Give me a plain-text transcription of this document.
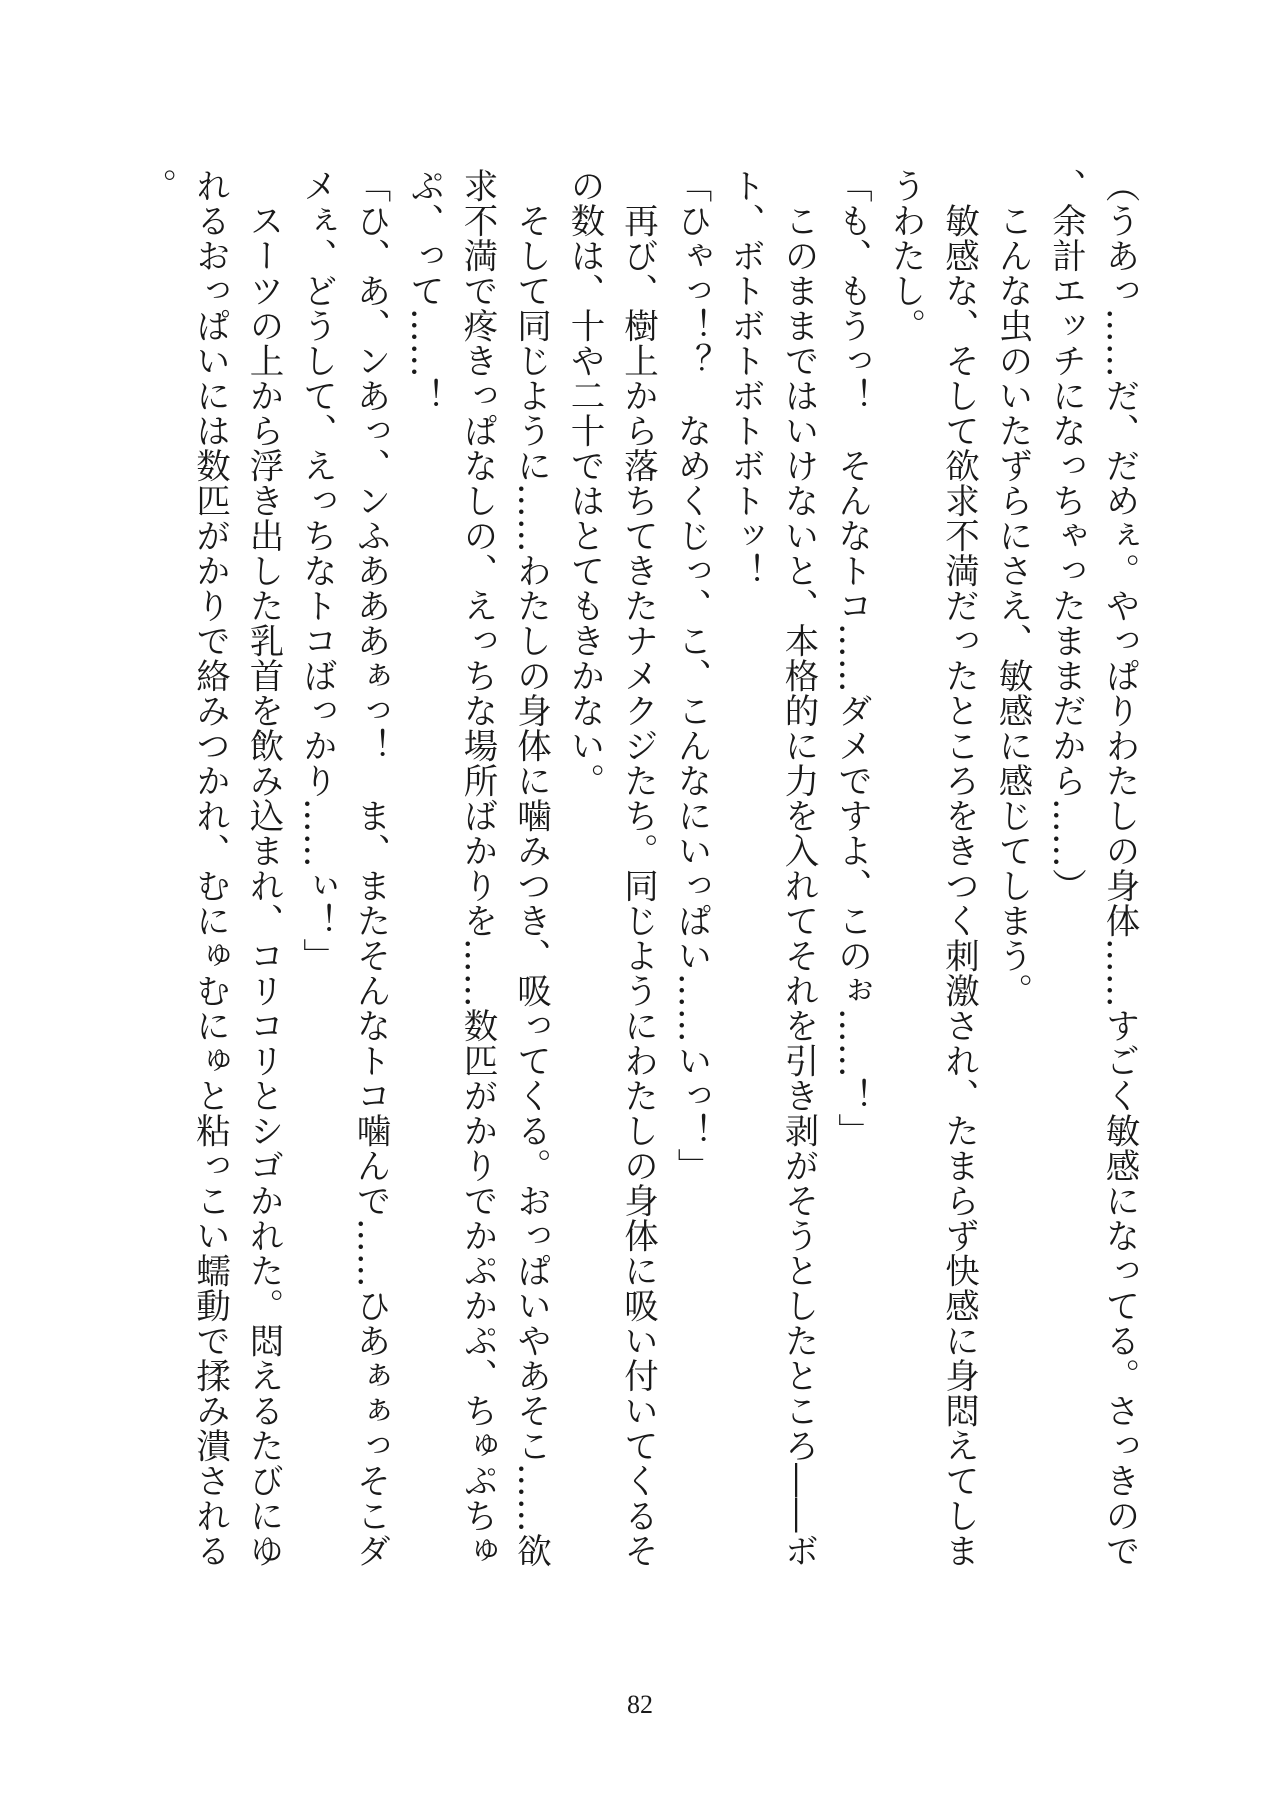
（うあっ……だ、だめぇ。やっぱりわたしの身体……すごく敏感になってる。さっきので、余計エッチになっちゃったままだから……）

　こんな虫のいたずらにさえ、敏感に感じてしまう。

　敏感な、そして欲求不満だったところをきつく刺激され、たまらず快感に身悶えてしまうわたし。

「も、もうっ！　そんなトコ……ダメですよ、このぉ……！」

　このままではいけないと、本格的に力を入れてそれを引き剥がそうとしたところ――ボト、ボトボトボトボトッ！

「ひゃっ！？　なめくじっ、こ、こんなにいっぱい……いっ！」

　再び、樹上から落ちてきたナメクジたち。同じようにわたしの身体に吸い付いてくるその数は、十や二十ではとてもきかない。

　そして同じように……わたしの身体に噛みつき、吸ってくる。おっぱいやあそこ……欲求不満で疼きっぱなしの、えっちな場所ばかりを……数匹がかりでかぷかぷ、ちゅぷちゅぷ、って……！

「ひ、あ、ンあっ、ンふあああぁっ！　ま、またそんなトコ噛んで……ひあぁぁっそこダメぇ、どうして、えっちなトコばっかり……ぃ！」

　スーツの上から浮き出した乳首を飲み込まれ、コリコリとシゴかれた。悶えるたびにゆれるおっぱいには数匹がかりで絡みつかれ、むにゅむにゅと粘っこい蠕動で揉み潰される。

82
